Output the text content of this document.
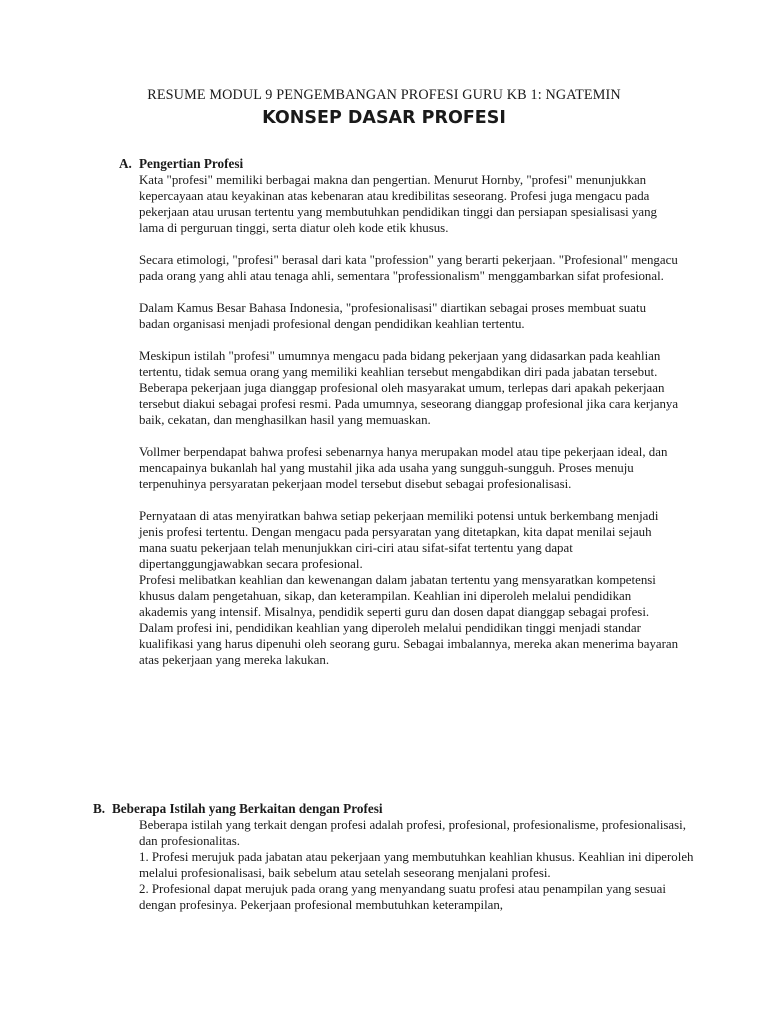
RESUME MODUL 9 PENGEMBANGAN PROFESI GURU KB 1: NGATEMIN
KONSEP DASAR PROFESI
A. Pengertian Profesi

Kata "profesi" memiliki berbagai makna dan pengertian. Menurut Hornby, "profesi" menunjukkan kepercayaan atau keyakinan atas kebenaran atau kredibilitas seseorang. Profesi juga mengacu pada pekerjaan atau urusan tertentu yang membutuhkan pendidikan tinggi dan persiapan spesialisasi yang lama di perguruan tinggi, serta diatur oleh kode etik khusus.

Secara etimologi, "profesi" berasal dari kata "profession" yang berarti pekerjaan. "Profesional" mengacu pada orang yang ahli atau tenaga ahli, sementara "professionalism" menggambarkan sifat profesional.

Dalam Kamus Besar Bahasa Indonesia, "profesionalisasi" diartikan sebagai proses membuat suatu badan organisasi menjadi profesional dengan pendidikan keahlian tertentu.

Meskipun istilah "profesi" umumnya mengacu pada bidang pekerjaan yang didasarkan pada keahlian tertentu, tidak semua orang yang memiliki keahlian tersebut mengabdikan diri pada jabatan tersebut. Beberapa pekerjaan juga dianggap profesional oleh masyarakat umum, terlepas dari apakah pekerjaan tersebut diakui sebagai profesi resmi. Pada umumnya, seseorang dianggap profesional jika cara kerjanya baik, cekatan, dan menghasilkan hasil yang memuaskan.

Vollmer berpendapat bahwa profesi sebenarnya hanya merupakan model atau tipe pekerjaan ideal, dan mencapainya bukanlah hal yang mustahil jika ada usaha yang sungguh-sungguh. Proses menuju terpenuhinya persyaratan pekerjaan model tersebut disebut sebagai profesionalisasi.

Pernyataan di atas menyiratkan bahwa setiap pekerjaan memiliki potensi untuk berkembang menjadi jenis profesi tertentu. Dengan mengacu pada persyaratan yang ditetapkan, kita dapat menilai sejauh mana suatu pekerjaan telah menunjukkan ciri-ciri atau sifat-sifat tertentu yang dapat dipertanggungjawabkan secara profesional.

Profesi melibatkan keahlian dan kewenangan dalam jabatan tertentu yang mensyaratkan kompetensi khusus dalam pengetahuan, sikap, dan keterampilan. Keahlian ini diperoleh melalui pendidikan akademis yang intensif. Misalnya, pendidik seperti guru dan dosen dapat dianggap sebagai profesi. Dalam profesi ini, pendidikan keahlian yang diperoleh melalui pendidikan tinggi menjadi standar kualifikasi yang harus dipenuhi oleh seorang guru. Sebagai imbalannya, mereka akan menerima bayaran atas pekerjaan yang mereka lakukan.

B. Beberapa Istilah yang Berkaitan dengan Profesi

Beberapa istilah yang terkait dengan profesi adalah profesi, profesional, profesionalisme, profesionalisasi, dan profesionalitas.

1. Profesi merujuk pada jabatan atau pekerjaan yang membutuhkan keahlian khusus. Keahlian ini diperoleh melalui profesionalisasi, baik sebelum atau setelah seseorang menjalani profesi.

2. Profesional dapat merujuk pada orang yang menyandang suatu profesi atau penampilan yang sesuai dengan profesinya. Pekerjaan profesional membutuhkan keterampilan,
